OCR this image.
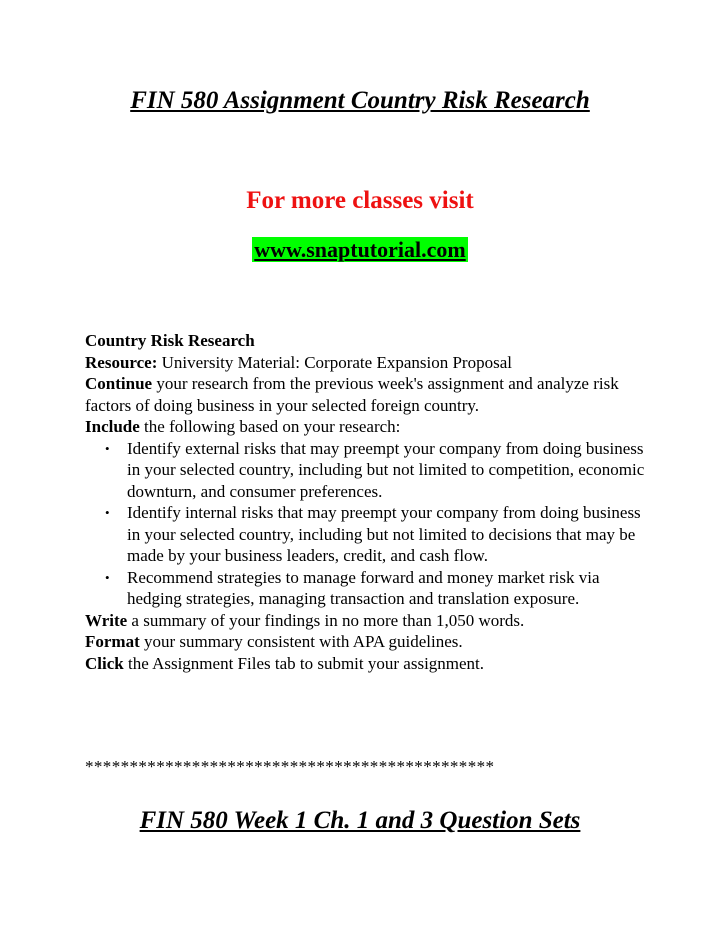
FIN 580 Assignment Country Risk Research

For more classes visit

www.snaptutorial.com

Country Risk Research

Resource: University Material: Corporate Expansion Proposal

Continue your research from the previous week's assignment and analyze risk factors of doing business in your selected foreign country.

Include the following based on your research:

• Identify external risks that may preempt your company from doing business in your selected country, including but not limited to competition, economic downturn, and consumer preferences.
• Identify internal risks that may preempt your company from doing business in your selected country, including but not limited to decisions that may be made by your business leaders, credit, and cash flow.
• Recommend strategies to manage forward and money market risk via hedging strategies, managing transaction and translation exposure.

Write a summary of your findings in no more than 1,050 words.

Format your summary consistent with APA guidelines.

Click the Assignment Files tab to submit your assignment.

**********************************************
FIN 580 Week 1 Ch. 1 and 3 Question Sets
